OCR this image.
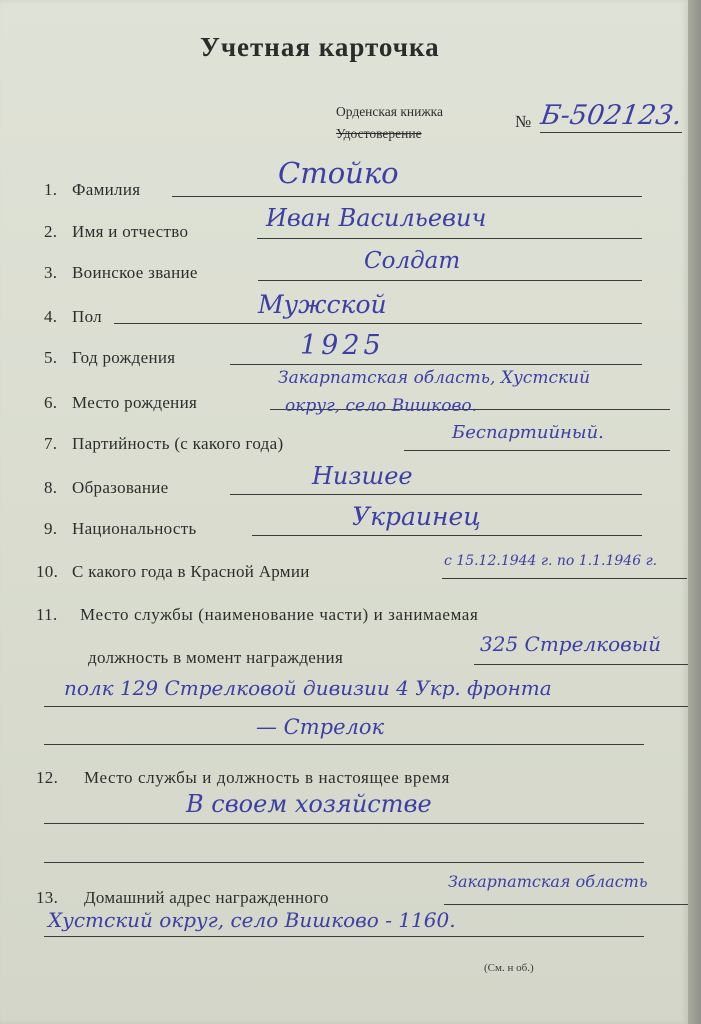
Учетная карточка
Орденская книжка
Удостоверение
№ Б-502123.
1. Фамилия	Стойко
2. Имя и отчество	Иван Васильевич
3. Воинское звание	Солдат
4. Пол	Мужской
5. Год рождения	1925
6. Место рождения
Закарпатская область, Хустский
округ, село Вишково.
7. Партийность (с какого года)
Беспартийный.
8. Образование	Низшее
9. Национальность	Украинец
10. С какого года в Красной Армии
с 15.12.1944 г. по 1.1.1946 г.
11. Место службы (наименование части) и занимаемая
должность в момент награждения
325 Стрелковый
полк 129 Стрелковой дивизии 4 Укр. фронта
— Стрелок
12. Место службы и должность в настоящее время
В своем хозяйстве
13. Домашний адрес награжденного
Закарпатская область
Хустский округ, село Вишково - 1160.
(См. н об.)
